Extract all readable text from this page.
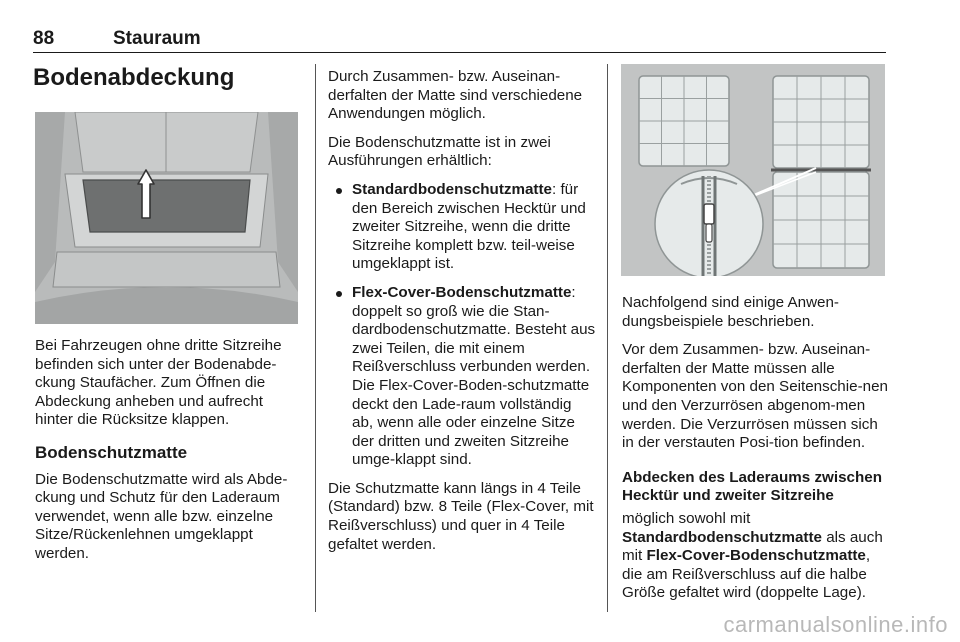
88	Stauraum
Bodenabdeckung

Bei Fahrzeugen ohne dritte Sitzreihe befinden sich unter der Bodenabde-ckung Staufächer. Zum Öffnen die Abdeckung anheben und aufrecht hinter die Rücksitze klappen.

Bodenschutzmatte

Die Bodenschutzmatte wird als Abde-ckung und Schutz für den Laderaum verwendet, wenn alle bzw. einzelne Sitze/Rückenlehnen umgeklappt werden.

Durch Zusammen- bzw. Auseinan-derfalten der Matte sind verschiedene Anwendungen möglich.

Die Bodenschutzmatte ist in zwei Ausführungen erhältlich:

Standardbodenschutzmatte: für den Bereich zwischen Hecktür und zweiter Sitzreihe, wenn die dritte Sitzreihe komplett bzw. teil-weise umgeklappt ist.
Flex-Cover-Bodenschutzmatte: doppelt so groß wie die Stan-dardbodenschutzmatte. Besteht aus zwei Teilen, die mit einem Reißverschluss verbunden werden. Die Flex-Cover-Boden-schutzmatte deckt den Lade-raum vollständig ab, wenn alle oder einzelne Sitze der dritten und zweiten Sitzreihe umge-klappt sind.

Die Schutzmatte kann längs in 4 Teile (Standard) bzw. 8 Teile (Flex-Cover, mit Reißverschluss) und quer in 4 Teile gefaltet werden.

Nachfolgend sind einige Anwen-dungsbeispiele beschrieben.

Vor dem Zusammen- bzw. Auseinan-derfalten der Matte müssen alle Komponenten von den Seitenschie-nen und den Verzurrösen abgenom-men werden. Die Verzurrösen müssen sich in der verstauten Posi-tion befinden.

Abdecken des Laderaums zwischen Hecktür und zweiter Sitzreihe

möglich sowohl mit Standardbodenschutzmatte als auch mit Flex-Cover-Bodenschutzmatte, die am Reißverschluss auf die halbe Größe gefaltet wird (doppelte Lage).

carmanualsonline.info
